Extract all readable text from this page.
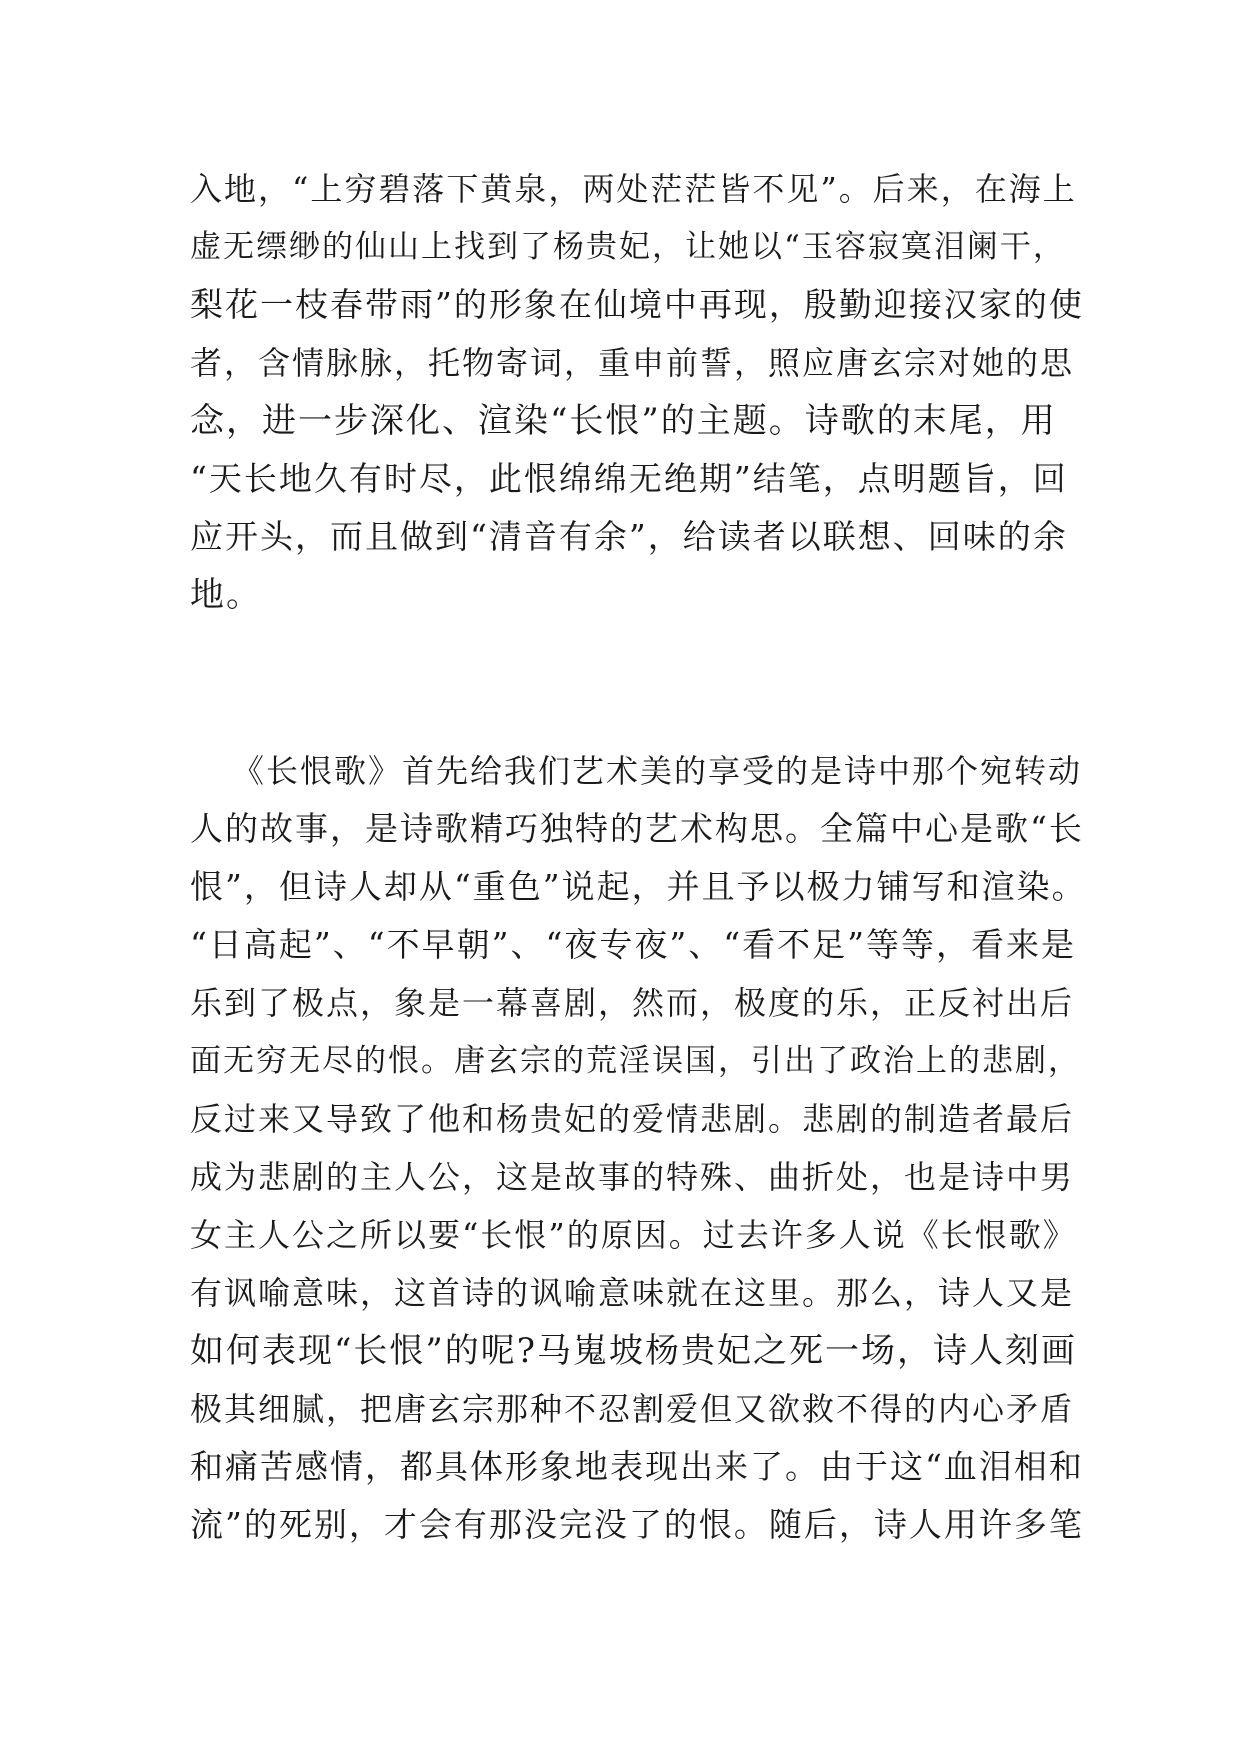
入地，“上穷碧落下黄泉，两处茫茫皆不见”。后来，在海上
虚无缥缈的仙山上找到了杨贵妃，让她以“玉容寂寞泪阑干，
梨花一枝春带雨”的形象在仙境中再现，殷勤迎接汉家的使
者，含情脉脉，托物寄词，重申前誓，照应唐玄宗对她的思
念，进一步深化、渲染“长恨”的主题。诗歌的末尾，用
“天长地久有时尽，此恨绵绵无绝期”结笔，点明题旨，回
应开头，而且做到“清音有余”，给读者以联想、回味的余
地。
《长恨歌》首先给我们艺术美的享受的是诗中那个宛转动
人的故事，是诗歌精巧独特的艺术构思。全篇中心是歌“长
恨”，但诗人却从“重色”说起，并且予以极力铺写和渲染。
“日高起”、“不早朝”、“夜专夜”、“看不足”等等，看来是
乐到了极点，象是一幕喜剧，然而，极度的乐，正反衬出后
面无穷无尽的恨。唐玄宗的荒淫误国，引出了政治上的悲剧，
反过来又导致了他和杨贵妃的爱情悲剧。悲剧的制造者最后
成为悲剧的主人公，这是故事的特殊、曲折处，也是诗中男
女主人公之所以要“长恨”的原因。过去许多人说《长恨歌》
有讽喻意味，这首诗的讽喻意味就在这里。那么，诗人又是
如何表现“长恨”的呢?马嵬坡杨贵妃之死一场，诗人刻画
极其细腻，把唐玄宗那种不忍割爱但又欲救不得的内心矛盾
和痛苦感情，都具体形象地表现出来了。由于这“血泪相和
流”的死别，才会有那没完没了的恨。随后，诗人用许多笔
